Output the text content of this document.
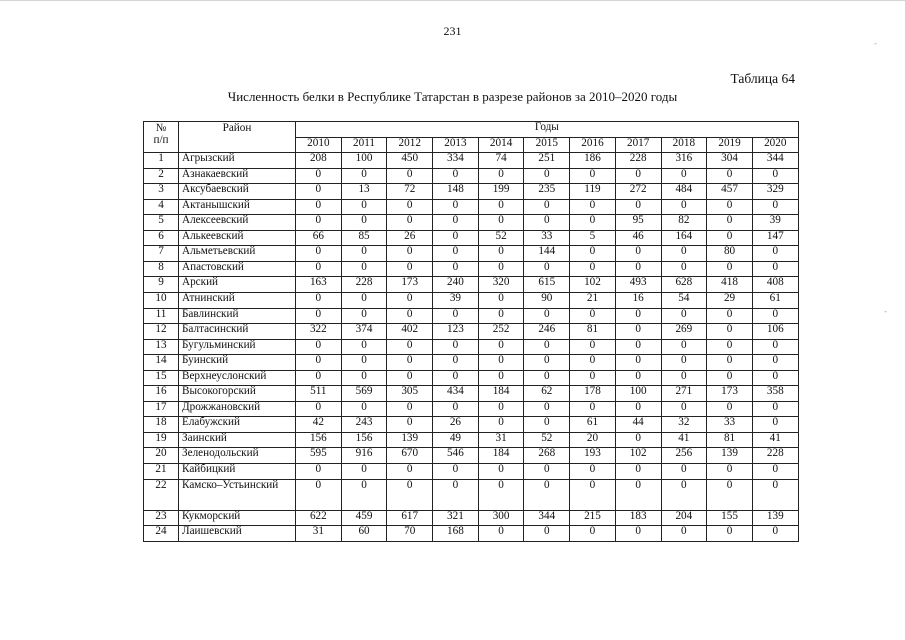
231
-
-
Таблица 64
Численность белки в Республике Татарстан в разрезе районов за 2010–2020 годы
№
п/п	Район	Годы										
		2010	2011	2012	2013	2014	2015	2016	2017	2018	2019	2020
1	Агрызский	208	100	450	334	74	251	186	228	316	304	344
2	Азнакаевский	0	0	0	0	0	0	0	0	0	0	0
3	Аксубаевский	0	13	72	148	199	235	119	272	484	457	329
4	Актанышский	0	0	0	0	0	0	0	0	0	0	0
5	Алексеевский	0	0	0	0	0	0	0	95	82	0	39
6	Алькеевский	66	85	26	0	52	33	5	46	164	0	147
7	Альметьевский	0	0	0	0	0	144	0	0	0	80	0
8	Апастовский	0	0	0	0	0	0	0	0	0	0	0
9	Арский	163	228	173	240	320	615	102	493	628	418	408
10	Атнинский	0	0	0	39	0	90	21	16	54	29	61
11	Бавлинский	0	0	0	0	0	0	0	0	0	0	0
12	Балтасинский	322	374	402	123	252	246	81	0	269	0	106
13	Бугульминский	0	0	0	0	0	0	0	0	0	0	0
14	Буинский	0	0	0	0	0	0	0	0	0	0	0
15	Верхнеуслонский	0	0	0	0	0	0	0	0	0	0	0
16	Высокогорский	511	569	305	434	184	62	178	100	271	173	358
17	Дрожжановский	0	0	0	0	0	0	0	0	0	0	0
18	Елабужский	42	243	0	26	0	0	61	44	32	33	0
19	Заинский	156	156	139	49	31	52	20	0	41	81	41
20	Зеленодольский	595	916	670	546	184	268	193	102	256	139	228
21	Кайбицкий	0	0	0	0	0	0	0	0	0	0	0
22	Камско–Устьинский	0	0	0	0	0	0	0	0	0	0	0
23	Кукморский	622	459	617	321	300	344	215	183	204	155	139
24	Лаишевский	31	60	70	168	0	0	0	0	0	0	0
